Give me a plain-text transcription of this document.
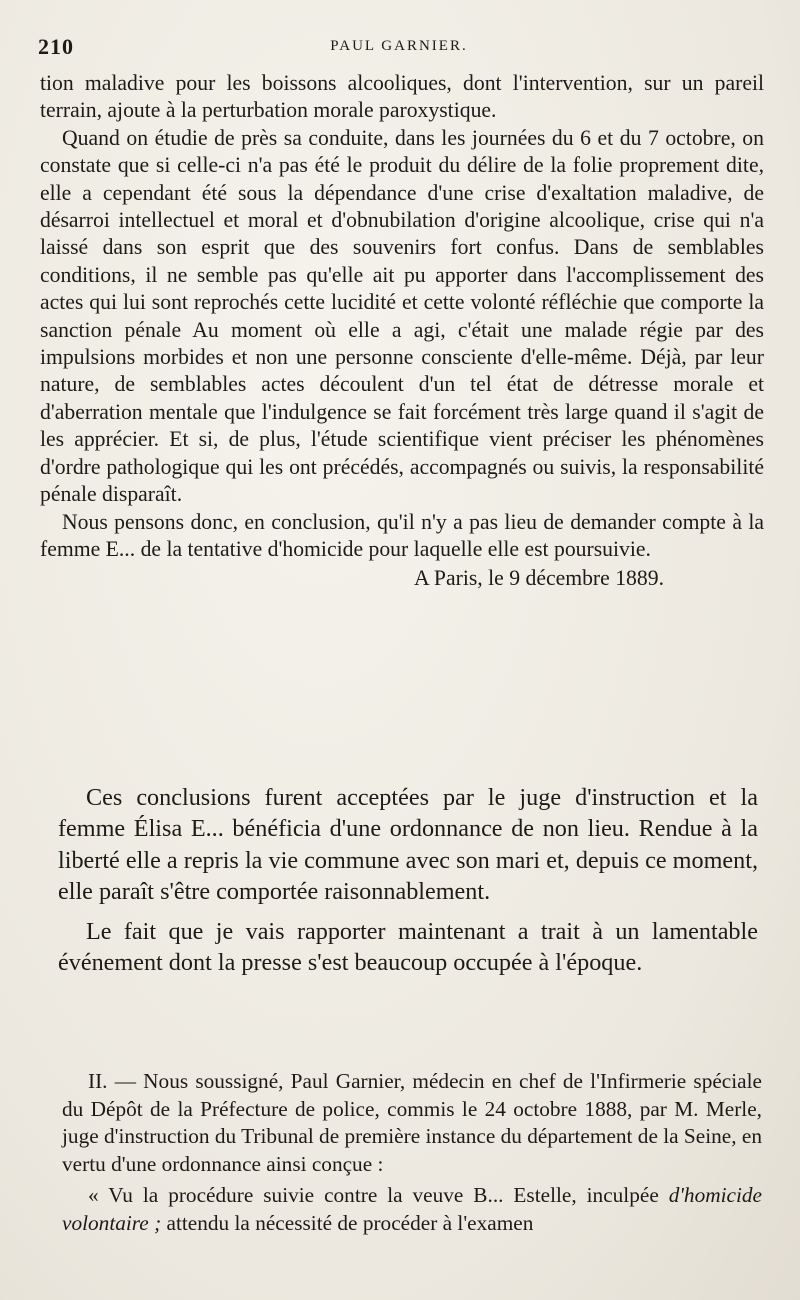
210	PAUL GARNIER.

tion maladive pour les boissons alcooliques, dont l'intervention, sur un pareil terrain, ajoute à la perturbation morale paroxystique.

Quand on étudie de près sa conduite, dans les journées du 6 et du 7 octobre, on constate que si celle-ci n'a pas été le produit du délire de la folie proprement dite, elle a cependant été sous la dépendance d'une crise d'exaltation maladive, de désarroi intellectuel et moral et d'obnubilation d'origine alcoolique, crise qui n'a laissé dans son esprit que des souvenirs fort confus. Dans de semblables conditions, il ne semble pas qu'elle ait pu apporter dans l'accomplissement des actes qui lui sont reprochés cette lucidité et cette volonté réfléchie que comporte la sanction pénale Au moment où elle a agi, c'était une malade régie par des impulsions morbides et non une personne consciente d'elle-même. Déjà, par leur nature, de semblables actes découlent d'un tel état de détresse morale et d'aberration mentale que l'indulgence se fait forcément très large quand il s'agit de les apprécier. Et si, de plus, l'étude scientifique vient préciser les phénomènes d'ordre pathologique qui les ont précédés, accompagnés ou suivis, la responsabilité pénale disparaît.

Nous pensons donc, en conclusion, qu'il n'y a pas lieu de demander compte à la femme E... de la tentative d'homicide pour laquelle elle est poursuivie.

A Paris, le 9 décembre 1889.

Ces conclusions furent acceptées par le juge d'instruction et la femme Élisa E... bénéficia d'une ordonnance de non lieu. Rendue à la liberté elle a repris la vie commune avec son mari et, depuis ce moment, elle paraît s'être comportée raisonnablement.

Le fait que je vais rapporter maintenant a trait à un lamentable événement dont la presse s'est beaucoup occupée à l'époque.

II. — Nous soussigné, Paul Garnier, médecin en chef de l'Infirmerie spéciale du Dépôt de la Préfecture de police, commis le 24 octobre 1888, par M. Merle, juge d'instruction du Tribunal de première instance du département de la Seine, en vertu d'une ordonnance ainsi conçue :

« Vu la procédure suivie contre la veuve B... Estelle, inculpée d'homicide volontaire ; attendu la nécessité de procéder à l'examen
